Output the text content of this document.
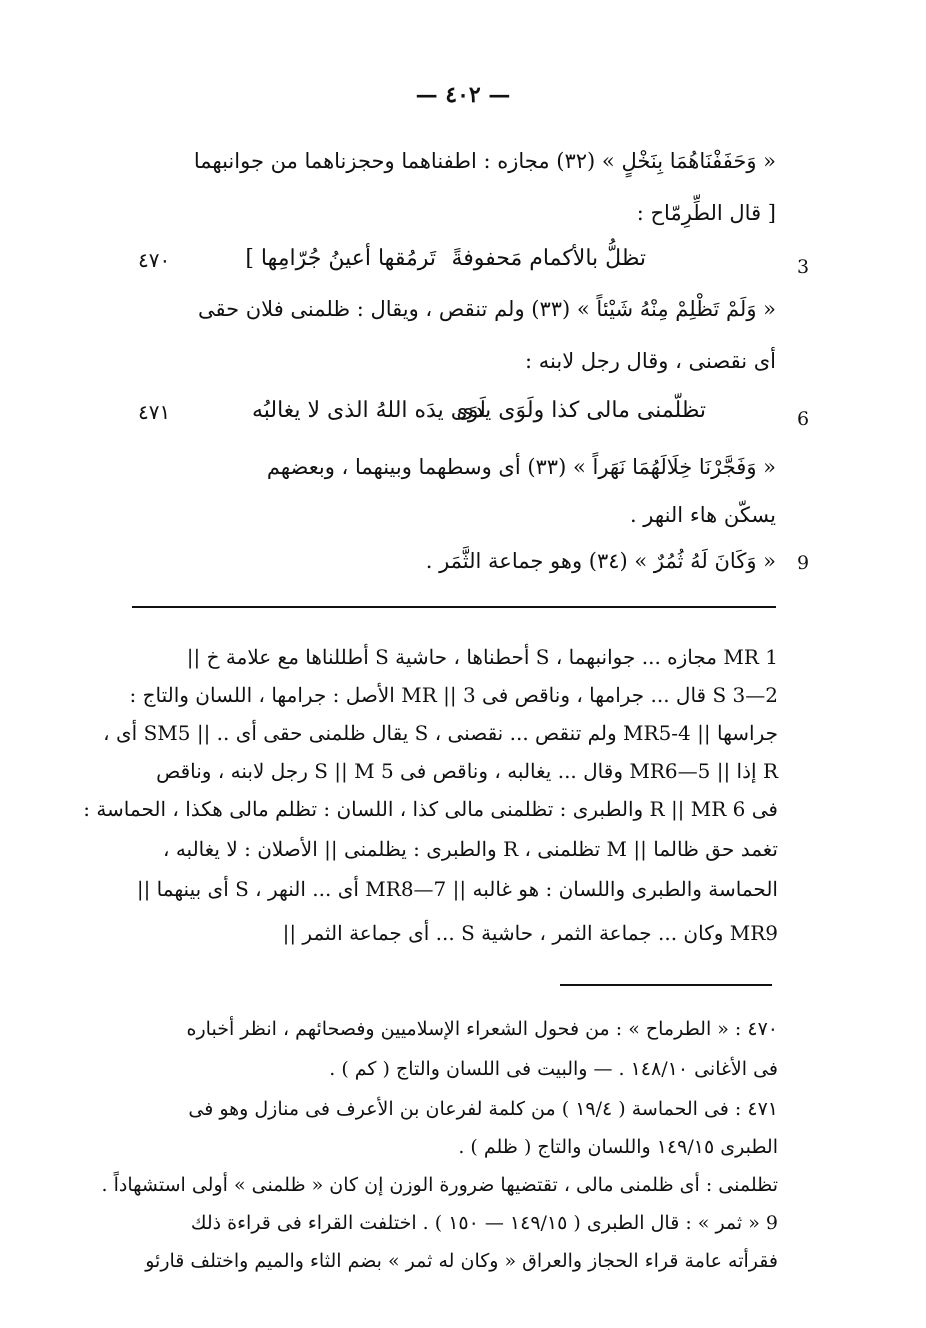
— ٤٠٢ —
« وَحَفَفْنَاهُمَا بِنَخْلٍ » (٣٢) مجازه : اطفناهما وحجزناهما من جوانبهما
[ قال الطِّرِمّاح :
تظلُّ بالأكمام مَحفوفةً
تَرمُقها أعينُ جُرّامِها ]
٤٧٠	3
« وَلَمْ تَظْلِمْ مِنْهُ شَيْئاً » (٣٣) ولم تنقص ، ويقال : ظلمنى فلان حقى
أى نقصنى ، وقال رجل لابنه :
تظلّمنى مالى كذا ولَوَى يدى
لَوَى يدَه اللهُ الذى لا يغالبُه
٤٧١	6
« وَفَجَّرْنَا خِلَالَهُمَا نَهَراً » (٣٣) أى وسطهما وبينهما ، وبعضهم
يسكّن هاء النهر .
« وَكَانَ لَهُ ثُمُرٌ » (٣٤) وهو جماعة الثَّمَر . 9
MR 1 مجازه ... جوانبهما ، S أحطناها ، حاشية S أطللناها مع علامة خ ||
S 3—2 قال ... جرامها ، وناقص فى MR || 3 الأصل : جرامها ، اللسان والتاج :
جراسها || MR5-4 ولم تنقص ... نقصنى ، S يقال ظلمنى حقى أى .. || SM5 أى ،
R إذا || MR6—5 وقال ... يغالبه ، وناقص فى S || M 5 رجل لابنه ، وناقص
فى R || MR 6 والطبرى : تظلمنى مالى كذا ، اللسان : تظلم مالى هكذا ، الحماسة :
تغمد حق ظالما || M تظلمنى ، R والطبرى : يظلمنى || الأصلان : لا يغالبه ،
الحماسة والطبرى واللسان : هو غالبه || MR8—7 أى ... النهر ، S أى بينهما ||
MR9 وكان ... جماعة الثمر ، حاشية S ... أى جماعة الثمر ||
٤٧٠ : « الطرماح » : من فحول الشعراء الإسلاميين وفصحائهم ، انظر أخباره
فى الأغانى ١٤٨/١٠ . — والبيت فى اللسان والتاج ( كم ) .
٤٧١ : فى الحماسة ( ١٩/٤ ) من كلمة لفرعان بن الأعرف فى منازل وهو فى
الطبرى ١٤٩/١٥ واللسان والتاج ( ظلم ) .
تظلمنى : أى ظلمنى مالى ، تقتضيها ضرورة الوزن إن كان « ظلمنى » أولى استشهاداً .
9 « ثمر » : قال الطبرى ( ١٤٩/١٥ — ١٥٠ ) . اختلفت القراء فى قراءة ذلك
فقرأته عامة قراء الحجاز والعراق « وكان له ثمر » بضم الثاء والميم واختلف قارئو
